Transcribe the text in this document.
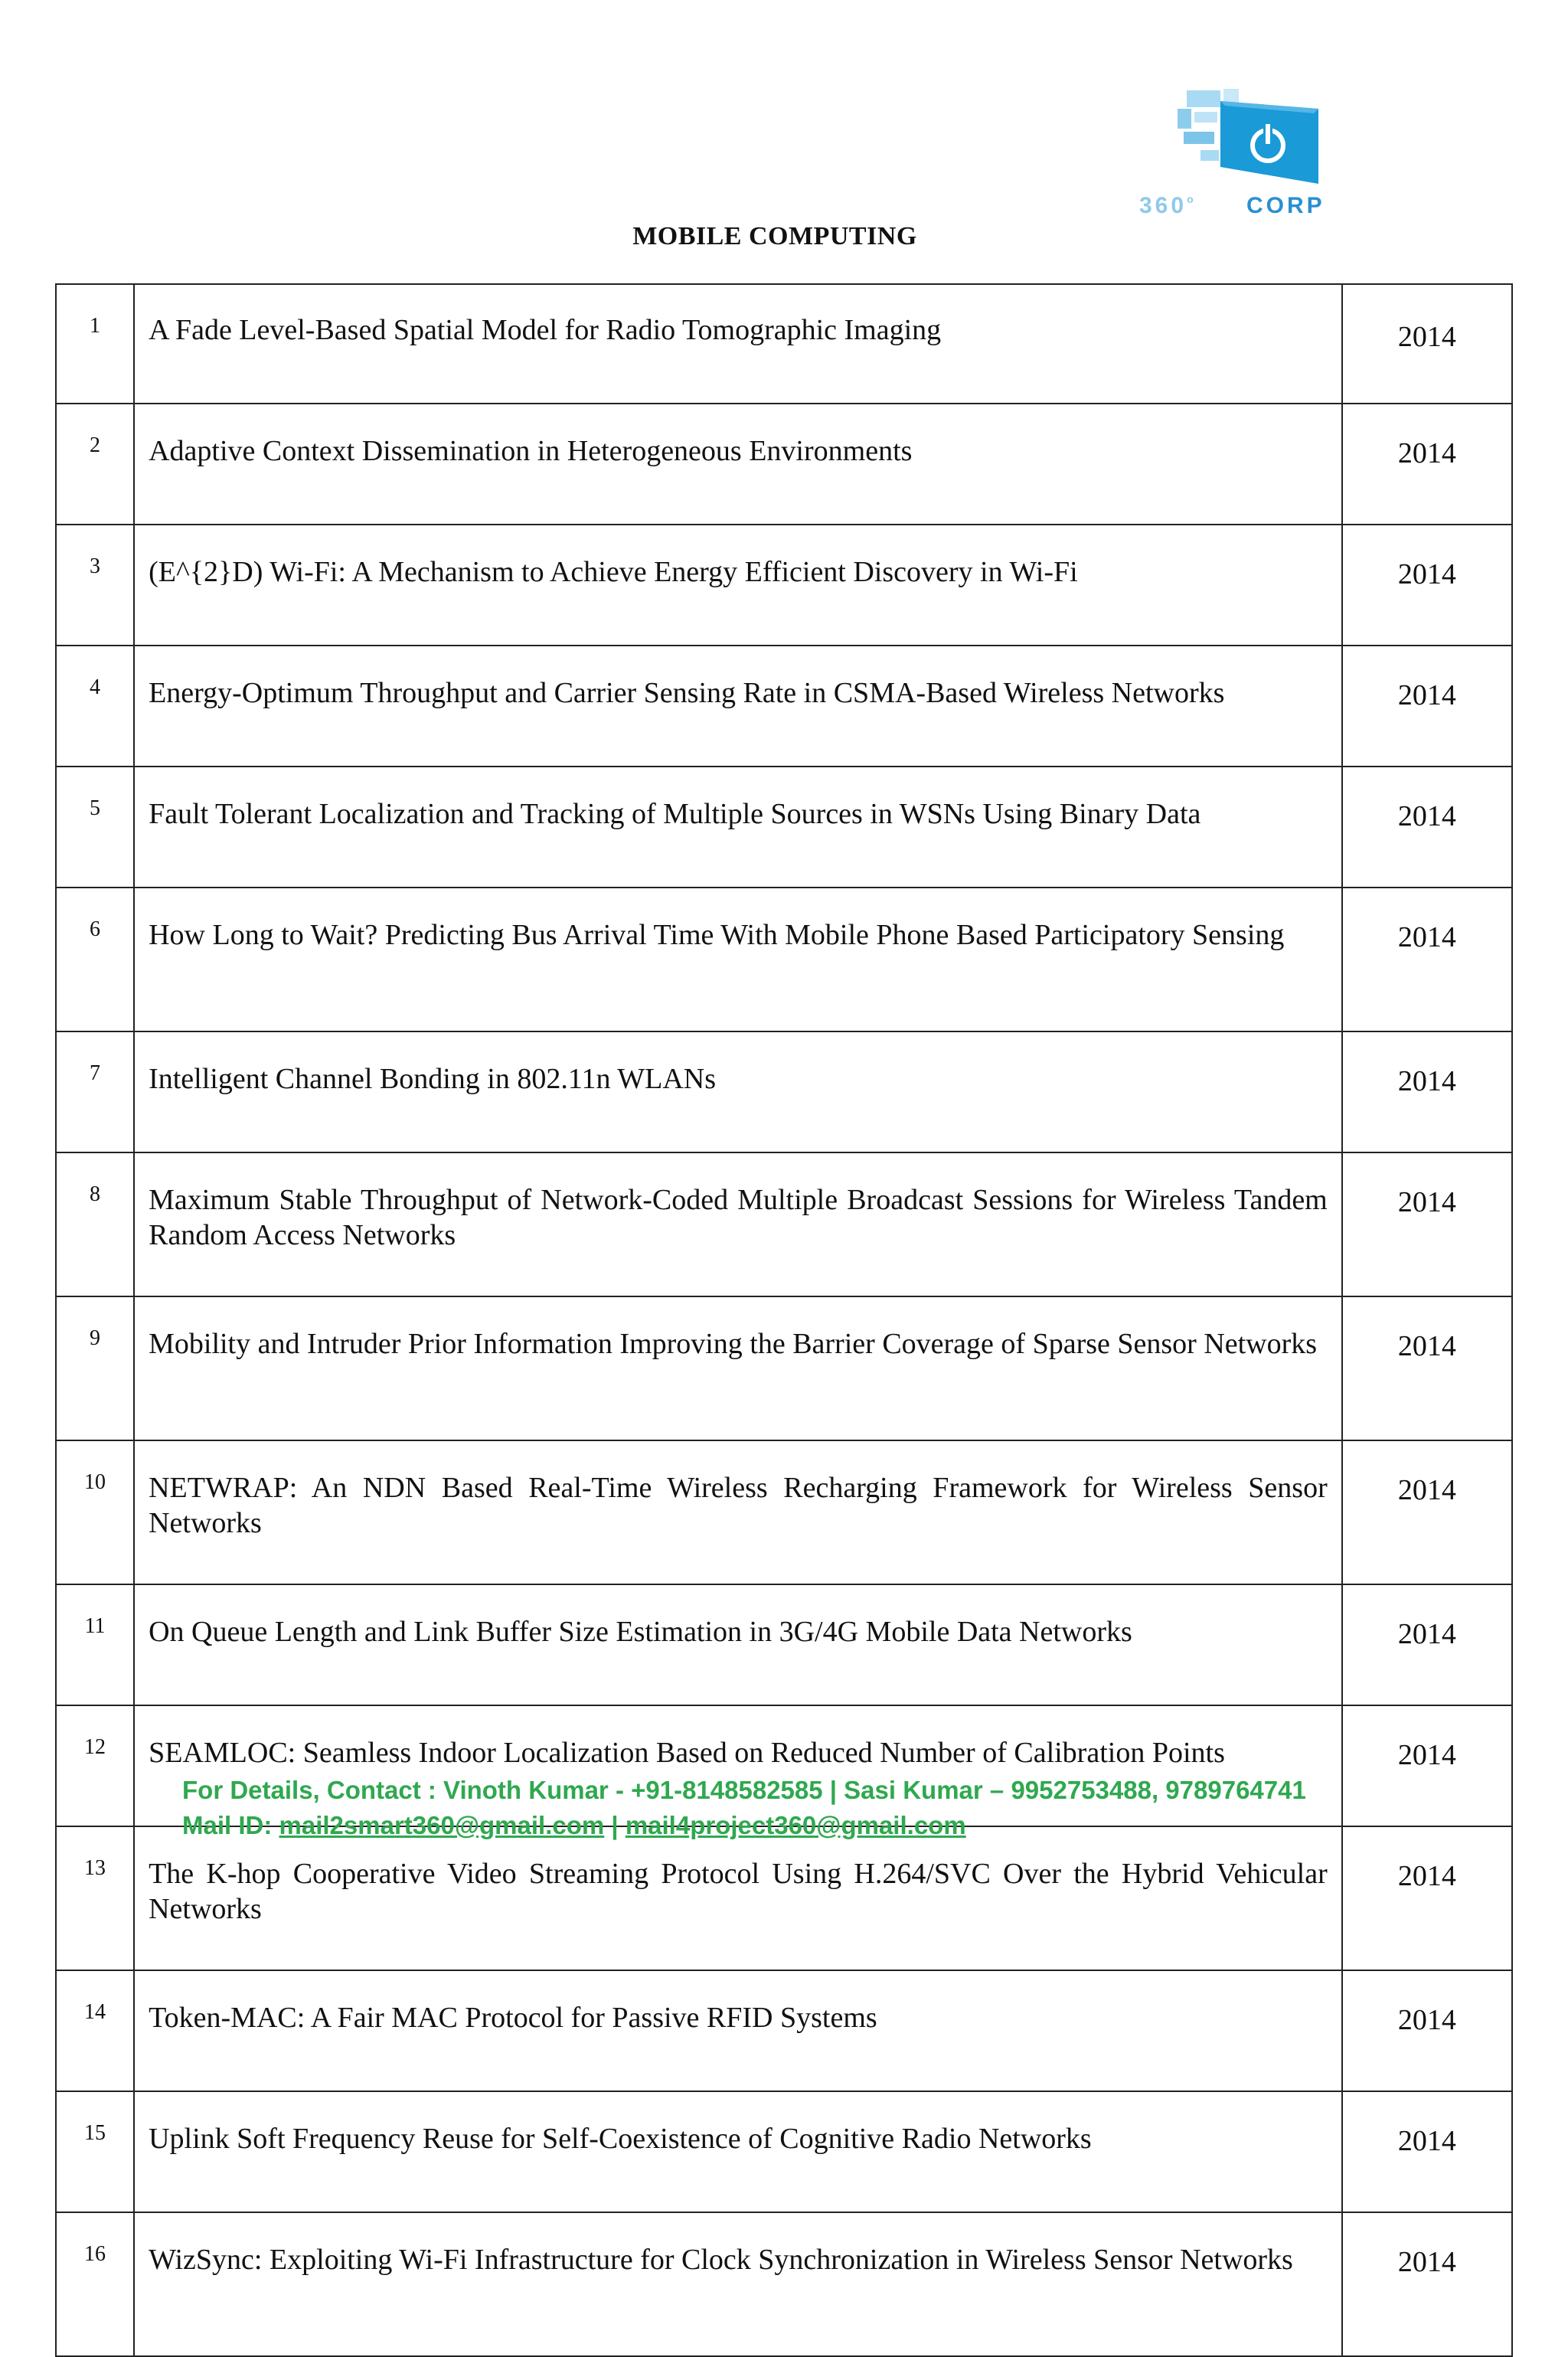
360$^o$ CORP
MOBILE COMPUTING
1	A Fade Level-Based Spatial Model for Radio Tomographic Imaging	2014
2	Adaptive Context Dissemination in Heterogeneous Environments	2014
3	(E^{2}D) Wi-Fi: A Mechanism to Achieve Energy Efficient Discovery in Wi-Fi	2014
4	Energy-Optimum Throughput and Carrier Sensing Rate in CSMA-Based Wireless Networks	2014
5	Fault Tolerant Localization and Tracking of Multiple Sources in WSNs Using Binary Data	2014
6	How Long to Wait? Predicting Bus Arrival Time With Mobile Phone Based Participatory Sensing	2014
7	Intelligent Channel Bonding in 802.11n WLANs	2014
8	Maximum Stable Throughput of Network-Coded Multiple Broadcast Sessions for Wireless Tandem Random Access Networks	2014
9	Mobility and Intruder Prior Information Improving the Barrier Coverage of Sparse Sensor Networks	2014
10	NETWRAP: An NDN Based Real-Time Wireless Recharging Framework for Wireless Sensor Networks	2014
11	On Queue Length and Link Buffer Size Estimation in 3G/4G Mobile Data Networks	2014
12	SEAMLOC: Seamless Indoor Localization Based on Reduced Number of Calibration Points	2014
13	The K-hop Cooperative Video Streaming Protocol Using H.264/SVC Over the Hybrid Vehicular Networks	2014
14	Token-MAC: A Fair MAC Protocol for Passive RFID Systems	2014
15	Uplink Soft Frequency Reuse for Self-Coexistence of Cognitive Radio Networks	2014
16	WizSync: Exploiting Wi-Fi Infrastructure for Clock Synchronization in Wireless Sensor Networks	2014
For Details, Contact : Vinoth Kumar - +91-8148582585 | Sasi Kumar – 9952753488, 9789764741
Mail ID: mail2smart360@gmail.com | mail4project360@gmail.com
